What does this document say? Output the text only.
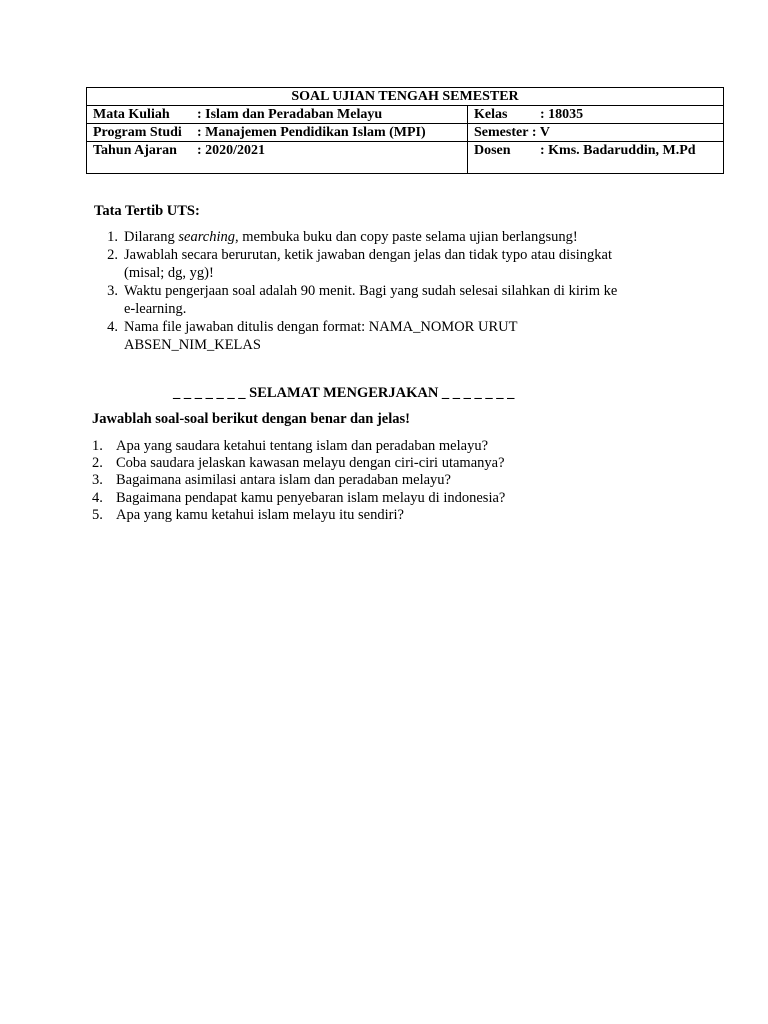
SOAL UJIAN TENGAH SEMESTER
Mata Kuliah : Islam dan Peradaban Melayu	Kelas : 18035
Program Studi : Manajemen Pendidikan Islam (MPI)	Semester : V
Tahun Ajaran : 2020/2021	Dosen : Kms. Badaruddin, M.Pd
Tata Tertib UTS:
1. Dilarang searching, membuka buku dan copy paste selama ujian berlangsung!
2. Jawablah secara berurutan, ketik jawaban dengan jelas dan tidak typo atau disingkat
(misal; dg, yg)!
3. Waktu pengerjaan soal adalah 90 menit. Bagi yang sudah selesai silahkan di kirim ke
e-learning.
4. Nama file jawaban ditulis dengan format: NAMA_NOMOR URUT
ABSEN_NIM_KELAS
_ _ _ _ _ _ _ SELAMAT MENGERJAKAN _ _ _ _ _ _ _
Jawablah soal-soal berikut dengan benar dan jelas!
1. Apa yang saudara ketahui tentang islam dan peradaban melayu?
2. Coba saudara jelaskan kawasan melayu dengan ciri-ciri utamanya?
3. Bagaimana asimilasi antara islam dan peradaban melayu?
4. Bagaimana pendapat kamu penyebaran islam melayu di indonesia?
5. Apa yang kamu ketahui islam melayu itu sendiri?
